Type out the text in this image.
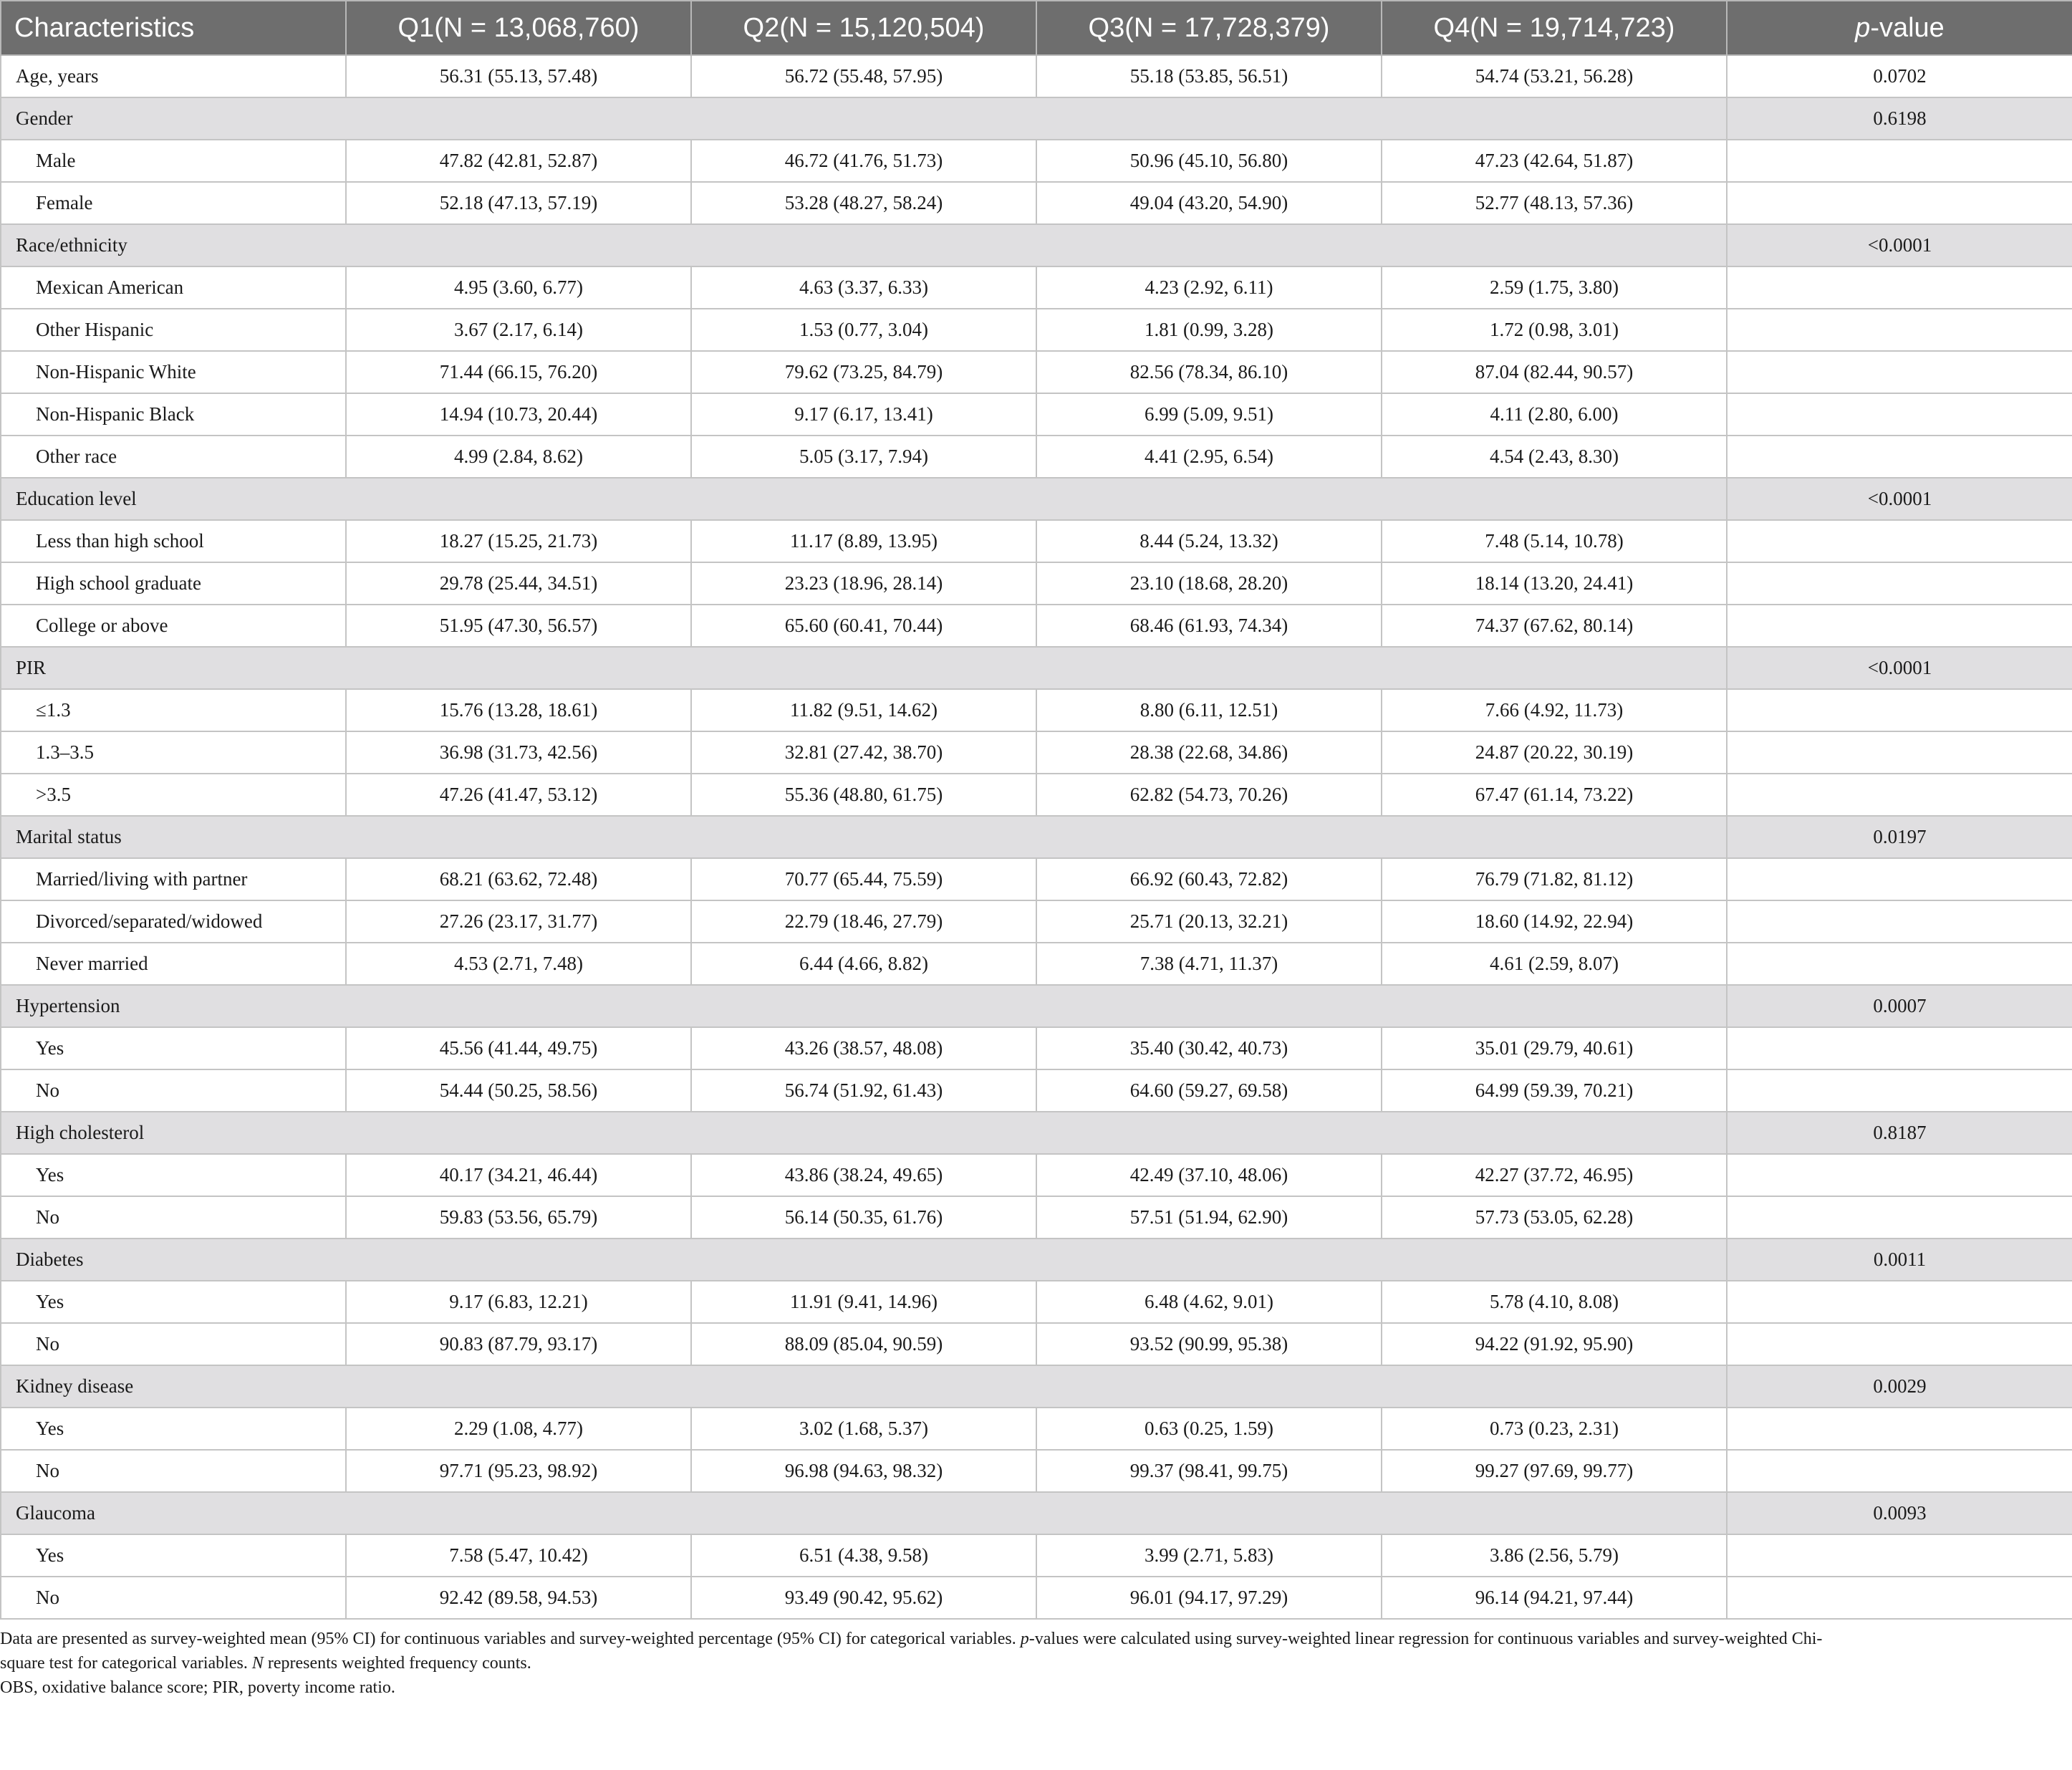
Characteristics	Q1(N = 13,068,760)	Q2(N = 15,120,504)	Q3(N = 17,728,379)	Q4(N = 19,714,723)	p-value
Age, years	56.31 (55.13, 57.48)	56.72 (55.48, 57.95)	55.18 (53.85, 56.51)	54.74 (53.21, 56.28)	0.0702
Gender					0.6198
Male	47.82 (42.81, 52.87)	46.72 (41.76, 51.73)	50.96 (45.10, 56.80)	47.23 (42.64, 51.87)	
Female	52.18 (47.13, 57.19)	53.28 (48.27, 58.24)	49.04 (43.20, 54.90)	52.77 (48.13, 57.36)	
Race/ethnicity					<0.0001
Mexican American	4.95 (3.60, 6.77)	4.63 (3.37, 6.33)	4.23 (2.92, 6.11)	2.59 (1.75, 3.80)	
Other Hispanic	3.67 (2.17, 6.14)	1.53 (0.77, 3.04)	1.81 (0.99, 3.28)	1.72 (0.98, 3.01)	
Non-Hispanic White	71.44 (66.15, 76.20)	79.62 (73.25, 84.79)	82.56 (78.34, 86.10)	87.04 (82.44, 90.57)	
Non-Hispanic Black	14.94 (10.73, 20.44)	9.17 (6.17, 13.41)	6.99 (5.09, 9.51)	4.11 (2.80, 6.00)	
Other race	4.99 (2.84, 8.62)	5.05 (3.17, 7.94)	4.41 (2.95, 6.54)	4.54 (2.43, 8.30)	
Education level					<0.0001
Less than high school	18.27 (15.25, 21.73)	11.17 (8.89, 13.95)	8.44 (5.24, 13.32)	7.48 (5.14, 10.78)	
High school graduate	29.78 (25.44, 34.51)	23.23 (18.96, 28.14)	23.10 (18.68, 28.20)	18.14 (13.20, 24.41)	
College or above	51.95 (47.30, 56.57)	65.60 (60.41, 70.44)	68.46 (61.93, 74.34)	74.37 (67.62, 80.14)	
PIR					<0.0001
≤1.3	15.76 (13.28, 18.61)	11.82 (9.51, 14.62)	8.80 (6.11, 12.51)	7.66 (4.92, 11.73)	
1.3–3.5	36.98 (31.73, 42.56)	32.81 (27.42, 38.70)	28.38 (22.68, 34.86)	24.87 (20.22, 30.19)	
>3.5	47.26 (41.47, 53.12)	55.36 (48.80, 61.75)	62.82 (54.73, 70.26)	67.47 (61.14, 73.22)	
Marital status					0.0197
Married/living with partner	68.21 (63.62, 72.48)	70.77 (65.44, 75.59)	66.92 (60.43, 72.82)	76.79 (71.82, 81.12)	
Divorced/separated/widowed	27.26 (23.17, 31.77)	22.79 (18.46, 27.79)	25.71 (20.13, 32.21)	18.60 (14.92, 22.94)	
Never married	4.53 (2.71, 7.48)	6.44 (4.66, 8.82)	7.38 (4.71, 11.37)	4.61 (2.59, 8.07)	
Hypertension					0.0007
Yes	45.56 (41.44, 49.75)	43.26 (38.57, 48.08)	35.40 (30.42, 40.73)	35.01 (29.79, 40.61)	
No	54.44 (50.25, 58.56)	56.74 (51.92, 61.43)	64.60 (59.27, 69.58)	64.99 (59.39, 70.21)	
High cholesterol					0.8187
Yes	40.17 (34.21, 46.44)	43.86 (38.24, 49.65)	42.49 (37.10, 48.06)	42.27 (37.72, 46.95)	
No	59.83 (53.56, 65.79)	56.14 (50.35, 61.76)	57.51 (51.94, 62.90)	57.73 (53.05, 62.28)	
Diabetes					0.0011
Yes	9.17 (6.83, 12.21)	11.91 (9.41, 14.96)	6.48 (4.62, 9.01)	5.78 (4.10, 8.08)	
No	90.83 (87.79, 93.17)	88.09 (85.04, 90.59)	93.52 (90.99, 95.38)	94.22 (91.92, 95.90)	
Kidney disease					0.0029
Yes	2.29 (1.08, 4.77)	3.02 (1.68, 5.37)	0.63 (0.25, 1.59)	0.73 (0.23, 2.31)	
No	97.71 (95.23, 98.92)	96.98 (94.63, 98.32)	99.37 (98.41, 99.75)	99.27 (97.69, 99.77)	
Glaucoma					0.0093
Yes	7.58 (5.47, 10.42)	6.51 (4.38, 9.58)	3.99 (2.71, 5.83)	3.86 (2.56, 5.79)	
No	92.42 (89.58, 94.53)	93.49 (90.42, 95.62)	96.01 (94.17, 97.29)	96.14 (94.21, 97.44)	
Data are presented as survey-weighted mean (95% CI) for continuous variables and survey-weighted percentage (95% CI) for categorical variables. p-values were calculated using survey-weighted linear regression for continuous variables and survey-weighted Chi-
square test for categorical variables. N represents weighted frequency counts.
OBS, oxidative balance score; PIR, poverty income ratio.
